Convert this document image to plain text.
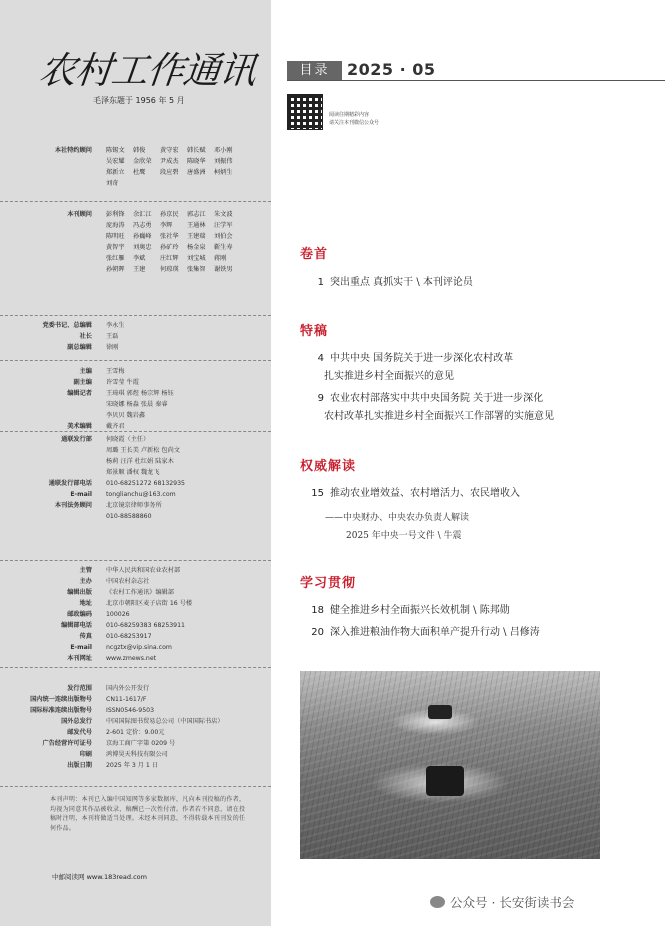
农村工作通讯
毛泽东题于 1956 年 5 月
本社特约顾问	陈锡文	韩俊	黄守宏	韩长赋	邓小刚
吴宏耀	金欣荣	尹成杰	陈晓华	刘振伟
郑新立	杜鹰	段应碧	唐盛洲	柯炳生
刘奇
本刊顾问	彭利锋	余汇江	孙京民	郭志江	朱文波
庞海涛	冯志勇	李辉	王通林	汪学军
陈明旺	孙巍峰	张社华	王建瑞	刘伯会
黄智宇	刘奥忠	孙矿玲	杨金泉	靳生寿
张红雁	李斌	庄红辉	刘宝城	蒋刚
孙朝晖	王建	何琼瑛	张集智	谢铁男
党委书记、总编辑	李永生
社长	王磊
副总编辑	徐刚
主编	王雪梅
副主编	许雪莹 牛霞
编辑记者	王琦琪 郭煜 杨宗辉 杨钰
宋晓娜 杨淼 张晨 秦睿
李贝贝 魏岩鑫
美术编辑	戴齐君
通联发行部	何晓霞（主任）
周璐 王长美 卢新松 包尚文
杨莉 汪洋 杜红娟 陆家木
郑景顺 潘权 魏龙飞
通联发行部电话	010-68251272 68132935
E-mail	tonglianchu@163.com
本刊法务顾问	北京镜京律师事务所
010-88588860
主管	中华人民共和国农业农村部
主办	中国农村杂志社
编辑出版	《农村工作通讯》编辑部
地址	北京市朝阳区麦子店街 16 号楼
邮政编码	100026
编辑部电话	010-68259383 68253911
传真	010-68253917
E-mail	ncgztx@vip.sina.com
本刊网址	www.zmews.net
发行范围	国内外公开发行
国内统一连续出版物号	CN11-1617/F
国际标准连续出版物号	ISSN0546-9503
国外总发行	中国国际图书贸易总公司（中国国际书店）
邮发代号	2-601 定价：9.00元
广告经营许可证号	京海工商广字第 0209 号
印刷	鸿博昊天科技有限公司
出版日期	2025 年 3 月 1 日
本刊声明：本刊已入编中国知网等多家数据库，凡向本刊投稿的作者，均视为同意其作品被收录，稿酬已一次性付清。作者若不同意，请在投稿时注明，本刊将做适当处理。未经本刊同意，不得转载本刊刊发的任何作品。
中邮阅读网 www.183read.com
目录	2025 · 05
阅读往期精彩内容
请关注本刊微信公众号
卷首
1 突出重点 真抓实干 \ 本刊评论员
特稿
4 中共中央 国务院关于进一步深化农村改革
扎实推进乡村全面振兴的意见
9 农业农村部落实中共中央国务院 关于进一步深化
农村改革扎实推进乡村全面振兴工作部署的实施意见
权威解读
15 推动农业增效益、农村增活力、农民增收入
——中央财办、中央农办负责人解读
2025 年中央一号文件 \ 牛震
学习贯彻
18 健全推进乡村全面振兴长效机制 \ 陈邦勋
20 深入推进粮油作物大面积单产提升行动 \ 吕修涛
公众号 · 长安街读书会
